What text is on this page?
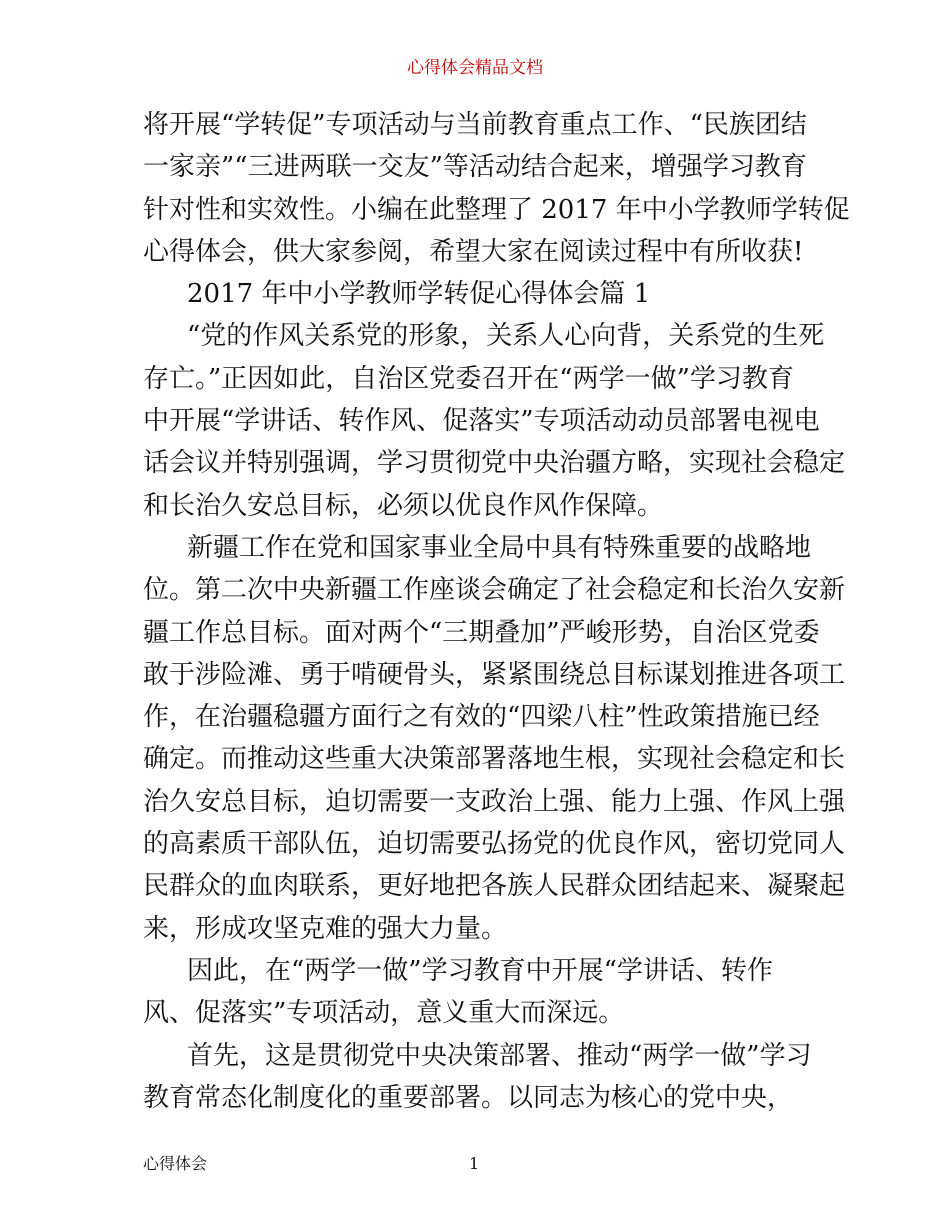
心得体会精品文档
将开展“学转促”专项活动与当前教育重点工作、“民族团结
一家亲”“三进两联一交友”等活动结合起来，增强学习教育
针对性和实效性。小编在此整理了 2017 年中小学教师学转促
心得体会，供大家参阅，希望大家在阅读过程中有所收获!
2017 年中小学教师学转促心得体会篇 1
“党的作风关系党的形象，关系人心向背，关系党的生死
存亡。”正因如此，自治区党委召开在“两学一做”学习教育
中开展“学讲话、转作风、促落实”专项活动动员部署电视电
话会议并特别强调，学习贯彻党中央治疆方略，实现社会稳定
和长治久安总目标，必须以优良作风作保障。
新疆工作在党和国家事业全局中具有特殊重要的战略地
位。第二次中央新疆工作座谈会确定了社会稳定和长治久安新
疆工作总目标。面对两个“三期叠加”严峻形势，自治区党委
敢于涉险滩、勇于啃硬骨头，紧紧围绕总目标谋划推进各项工
作，在治疆稳疆方面行之有效的“四梁八柱”性政策措施已经
确定。而推动这些重大决策部署落地生根，实现社会稳定和长
治久安总目标，迫切需要一支政治上强、能力上强、作风上强
的高素质干部队伍，迫切需要弘扬党的优良作风，密切党同人
民群众的血肉联系，更好地把各族人民群众团结起来、凝聚起
来，形成攻坚克难的强大力量。
因此，在“两学一做”学习教育中开展“学讲话、转作
风、促落实”专项活动，意义重大而深远。
首先，这是贯彻党中央决策部署、推动“两学一做”学习
教育常态化制度化的重要部署。以同志为核心的党中央，
心得体会	1
